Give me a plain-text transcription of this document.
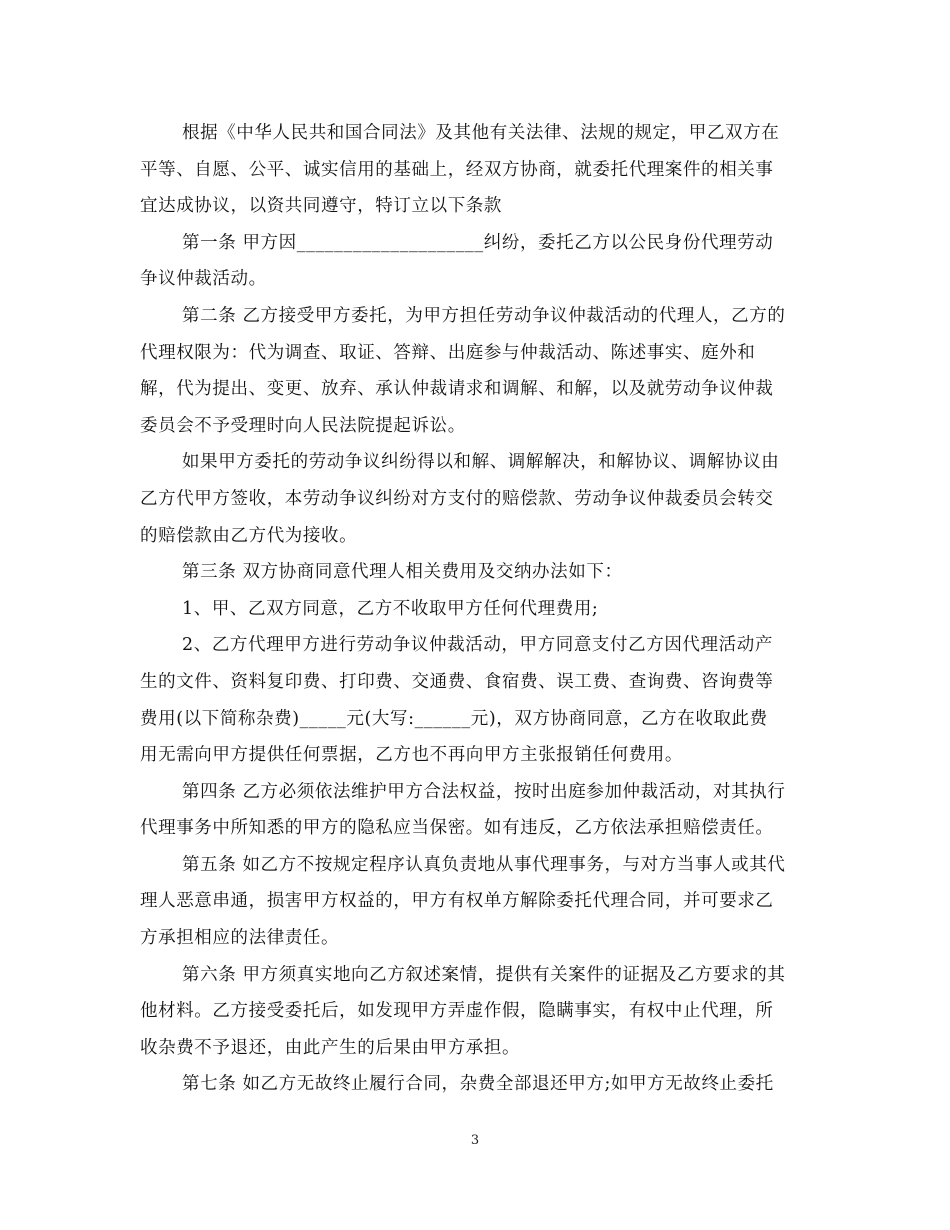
根据《中华人民共和国合同法》及其他有关法律、法规的规定，甲乙双方在
平等、自愿、公平、诚实信用的基础上，经双方协商，就委托代理案件的相关事
宜达成协议，以资共同遵守，特订立以下条款

第一条 甲方因____________________纠纷，委托乙方以公民身份代理劳动
争议仲裁活动。

第二条 乙方接受甲方委托，为甲方担任劳动争议仲裁活动的代理人，乙方的
代理权限为：代为调查、取证、答辩、出庭参与仲裁活动、陈述事实、庭外和
解，代为提出、变更、放弃、承认仲裁请求和调解、和解，以及就劳动争议仲裁
委员会不予受理时向人民法院提起诉讼。

如果甲方委托的劳动争议纠纷得以和解、调解解决，和解协议、调解协议由
乙方代甲方签收，本劳动争议纠纷对方支付的赔偿款、劳动争议仲裁委员会转交
的赔偿款由乙方代为接收。

第三条 双方协商同意代理人相关费用及交纳办法如下：

1、甲、乙双方同意，乙方不收取甲方任何代理费用;

2、乙方代理甲方进行劳动争议仲裁活动，甲方同意支付乙方因代理活动产
生的文件、资料复印费、打印费、交通费、食宿费、误工费、查询费、咨询费等
费用(以下简称杂费)_____元(大写:______元)，双方协商同意，乙方在收取此费
用无需向甲方提供任何票据，乙方也不再向甲方主张报销任何费用。

第四条 乙方必须依法维护甲方合法权益，按时出庭参加仲裁活动，对其执行
代理事务中所知悉的甲方的隐私应当保密。如有违反，乙方依法承担赔偿责任。

第五条 如乙方不按规定程序认真负责地从事代理事务，与对方当事人或其代
理人恶意串通，损害甲方权益的，甲方有权单方解除委托代理合同，并可要求乙
方承担相应的法律责任。

第六条 甲方须真实地向乙方叙述案情，提供有关案件的证据及乙方要求的其
他材料。乙方接受委托后，如发现甲方弄虚作假，隐瞒事实，有权中止代理，所
收杂费不予退还，由此产生的后果由甲方承担。

第七条 如乙方无故终止履行合同，杂费全部退还甲方;如甲方无故终止委托

3
